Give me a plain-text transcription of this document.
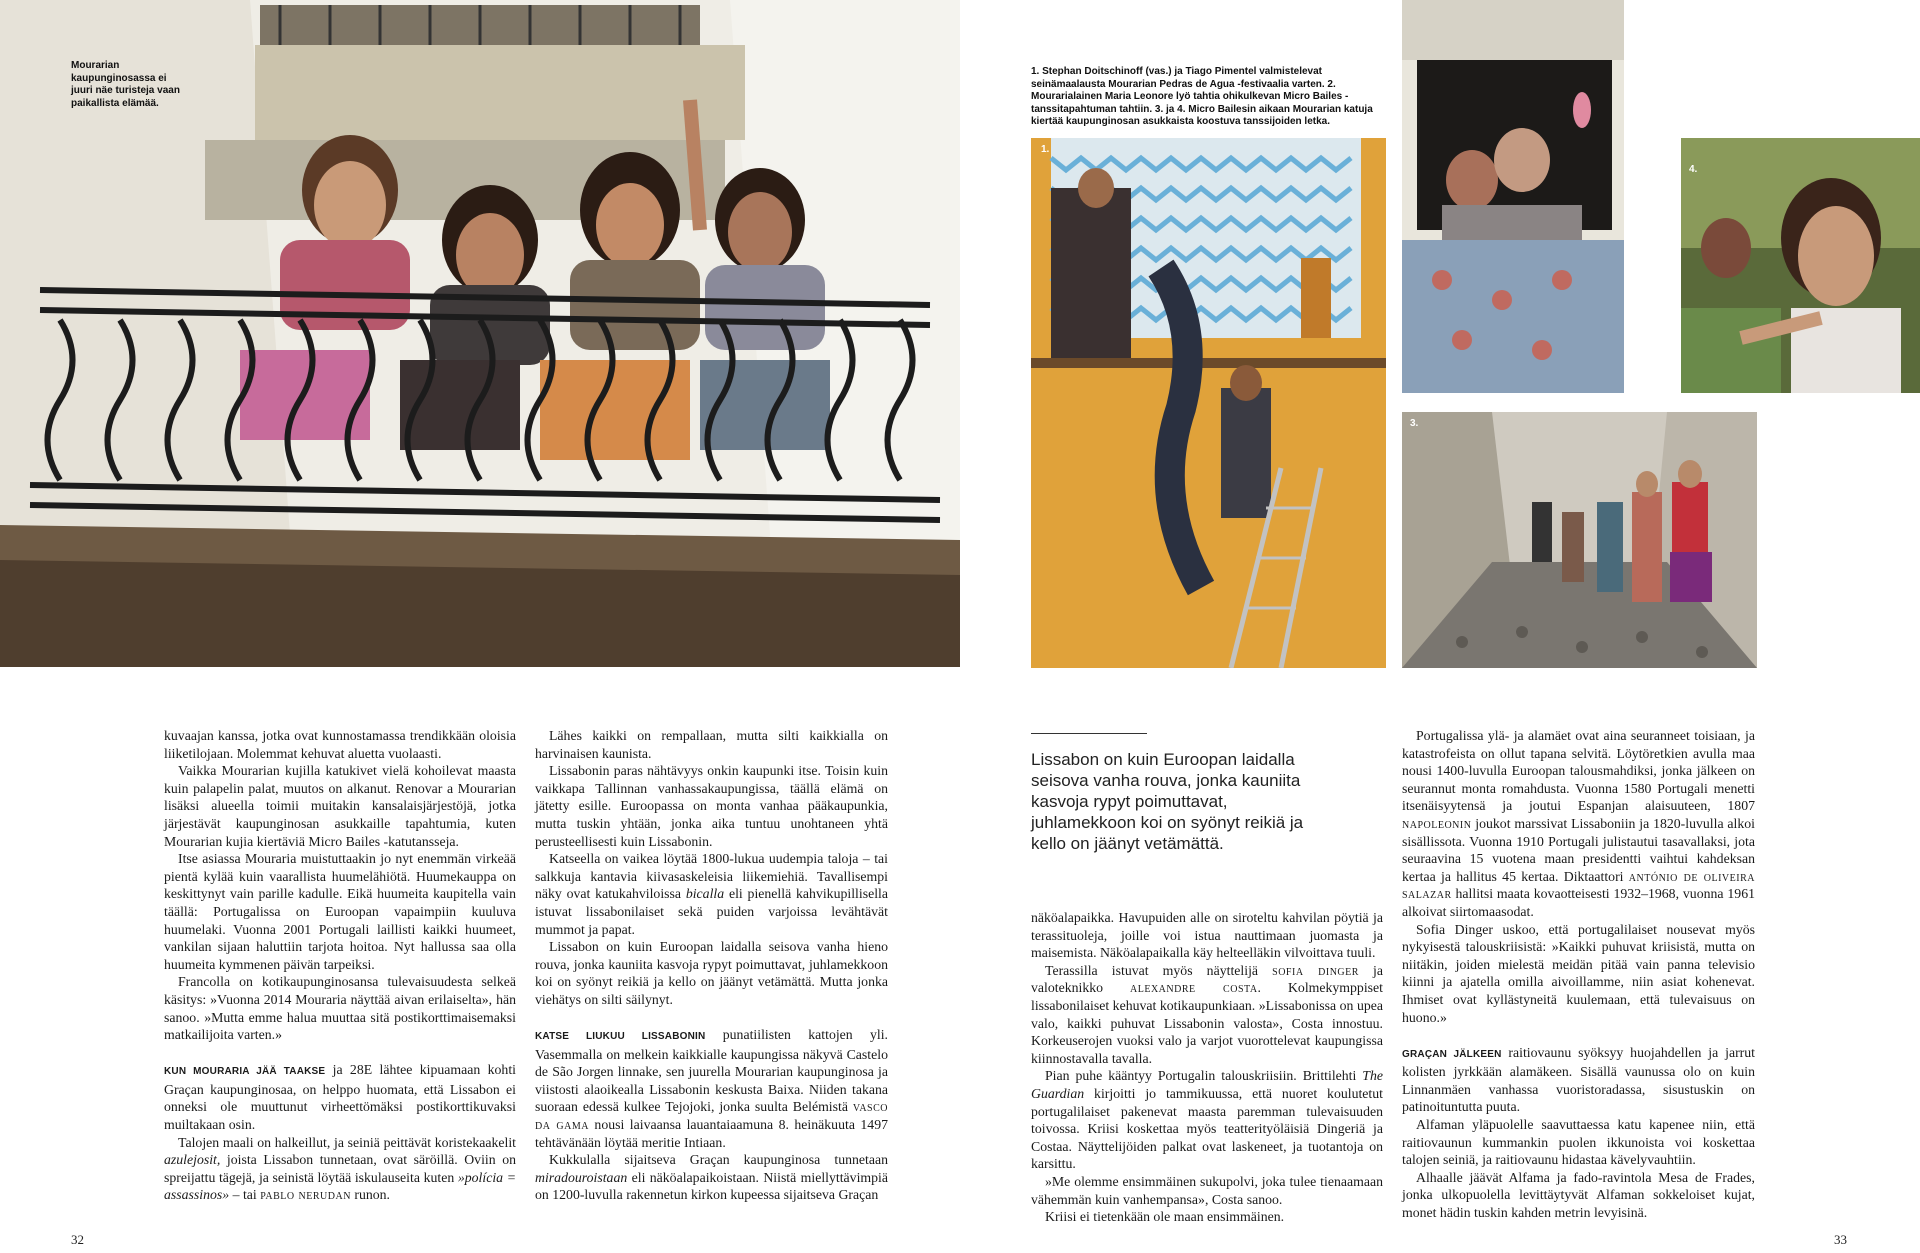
1.
4.
3.
Mourarian kaupunginosassa ei juuri näe turisteja vaan paikallista elämää.
1. Stephan Doitschinoff (vas.) ja Tiago Pimentel valmistelevat seinämaalausta Mourarian Pedras de Agua -festivaalia varten. 2. Mourarialainen Maria Leonore lyö tahtia ohikulkevan Micro Bailes -tanssitapahtuman tahtiin. 3. ja 4. Micro Bailesin aikaan Mourarian katuja kiertää kaupunginosan asukkaista koostuva tanssijoiden letka.
Lissabon on kuin Euroopan laidalla seisova vanha rouva, jonka kauniita kasvoja rypyt poimuttavat, juhlamekkoon koi on syönyt reikiä ja kello on jäänyt vetämättä.

kuvaajan kanssa, jotka ovat kunnostamassa trendikkään oloisia liiketilojaan. Molemmat kehuvat aluetta vuolaasti.

Vaikka Mourarian kujilla katukivet vielä kohoilevat maasta kuin palapelin palat, muutos on alkanut. Renovar a Mourarian lisäksi alueella toimii muitakin kansalaisjärjestöjä, jotka järjestävät kaupunginosan asukkaille tapahtumia, kuten Mourarian kujia kiertäviä Micro Bailes -katutansseja.

Itse asiassa Mouraria muistuttaakin jo nyt enemmän virkeää pientä kylää kuin vaarallista huumelähiötä. Huumekauppa on keskittynyt vain parille kadulle. Eikä huumeita kaupitella vain täällä: Portugalissa on Euroopan vapaimpiin kuuluva huumelaki. Vuonna 2001 Portugali laillisti kaikki huumeet, vankilan sijaan haluttiin tarjota hoitoa. Nyt hallussa saa olla huumeita kymmenen päivän tarpeiksi.

Francolla on kotikaupunginosansa tulevaisuudesta selkeä käsitys: »Vuonna 2014 Mouraria näyttää aivan erilaiselta», hän sanoo. »Mutta emme halua muuttaa sitä postikorttimaisemaksi matkailijoita varten.»

KUN MOURARIA JÄÄ TAAKSE ja 28E lähtee kipuamaan kohti Graçan kaupunginosaa, on helppo huomata, että Lissabon ei onneksi ole muuttunut virheettömäksi postikorttikuvaksi muiltakaan osin.

Talojen maali on halkeillut, ja seiniä peittävät koristekaakelit azulejosit, joista Lissabon tunnetaan, ovat säröillä. Oviin on spreijattu tägejä, ja seinistä löytää iskulauseita kuten »polícia = assassinos» – tai pablo nerudan runon.

Lähes kaikki on rempallaan, mutta silti kaikkialla on harvinaisen kaunista.

Lissabonin paras nähtävyys onkin kaupunki itse. Toisin kuin vaikkapa Tallinnan vanhassakaupungissa, täällä elämä on jätetty esille. Euroopassa on monta vanhaa pääkaupunkia, mutta tuskin yhtään, jonka aika tuntuu unohtaneen yhtä perusteellisesti kuin Lissabonin.

Katseella on vaikea löytää 1800-lukua uudempia taloja – tai salkkuja kantavia kiivasaskeleisia liikemiehiä. Tavallisempi näky ovat katukahviloissa bicalla eli pienellä kahvikupillisella istuvat lissabonilaiset sekä puiden varjoissa levähtävät mummot ja papat.

Lissabon on kuin Euroopan laidalla seisova vanha hieno rouva, jonka kauniita kasvoja rypyt poimuttavat, juhlamekkoon koi on syönyt reikiä ja kello on jäänyt vetämättä. Mutta jonka viehätys on silti säilynyt.

KATSE LIUKUU LISSABONIN punatiilisten kattojen yli. Vasemmalla on melkein kaikkialle kaupungissa näkyvä Castelo de São Jorgen linnake, sen juurella Mourarian kaupunginosa ja viistosti alaoikealla Lissabonin keskusta Baixa. Niiden takana suoraan edessä kulkee Tejojoki, jonka suulta Belémistä vasco da gama nousi laivaansa lauantaiaamuna 8. heinäkuuta 1497 tehtävänään löytää meritie Intiaan.

Kukkulalla sijaitseva Graçan kaupunginosa tunnetaan miradouroistaan eli näköalapaikoistaan. Niistä miellyttävimpiä on 1200-luvulla rakennetun kirkon kupeessa sijaitseva Graçan

näköalapaikka. Havupuiden alle on siroteltu kahvilan pöytiä ja terassituoleja, joille voi istua nauttimaan juomasta ja maisemista. Näköalapaikalla käy helteelläkin vilvoittava tuuli.

Terassilla istuvat myös näyttelijä sofia dinger ja valoteknikko alexandre costa. Kolmekymppiset lissabonilaiset kehuvat kotikaupunkiaan. »Lissabonissa on upea valo, kaikki puhuvat Lissabonin valosta», Costa innostuu. Korkeuserojen vuoksi valo ja varjot vuorottelevat kaupungissa kiinnostavalla tavalla.

Pian puhe kääntyy Portugalin talouskriisiin. Brittilehti The Guardian kirjoitti jo tammikuussa, että nuoret koulutetut portugalilaiset pakenevat maasta paremman tulevaisuuden toivossa. Kriisi koskettaa myös teatterityöläisiä Dingeriä ja Costaa. Näyttelijöiden palkat ovat laskeneet, ja tuotantoja on karsittu.

»Me olemme ensimmäinen sukupolvi, joka tulee tienaamaan vähemmän kuin vanhempansa», Costa sanoo.

Kriisi ei tietenkään ole maan ensimmäinen.

Portugalissa ylä- ja alamäet ovat aina seuranneet toisiaan, ja katastrofeista on ollut tapana selvitä. Löytöretkien avulla maa nousi 1400-luvulla Euroopan talousmahdiksi, jonka jälkeen on seurannut monta romahdusta. Vuonna 1580 Portugali menetti itsenäisyytensä ja joutui Espanjan alaisuuteen, 1807 napoleonin joukot marssivat Lissaboniin ja 1820-luvulla alkoi sisällissota. Vuonna 1910 Portugali julistautui tasavallaksi, jota seuraavina 15 vuotena maan presidentti vaihtui kahdeksan kertaa ja hallitus 45 kertaa. Diktaattori antónio de oliveira salazar hallitsi maata kovaotteisesti 1932–1968, vuonna 1961 alkoivat siirtomaasodat.

Sofia Dinger uskoo, että portugalilaiset nousevat myös nykyisestä talouskriisistä: »Kaikki puhuvat kriisistä, mutta on niitäkin, joiden mielestä meidän pitää vain panna televisio kiinni ja ajatella omilla aivoillamme, niin asiat kohenevat. Ihmiset ovat kyllästyneitä kuulemaan, että tulevaisuus on huono.»

GRAÇAN JÄLKEEN raitiovaunu syöksyy huojahdellen ja jarrut kolisten jyrkkään alamäkeen. Sisällä vaunussa olo on kuin Linnanmäen vanhassa vuoristoradassa, sisustuskin on patinoituntutta puuta.

Alfaman yläpuolelle saavuttaessa katu kapenee niin, että raitiovaunun kummankin puolen ikkunoista voi koskettaa talojen seiniä, ja raitiovaunu hidastaa kävelyvauhtiin.

Alhaalle jäävät Alfama ja fado-ravintola Mesa de Frades, jonka ulkopuolella levittäytyvät Alfaman sokkeloiset kujat, monet hädin tuskin kahden metrin levyisinä.

32	33
